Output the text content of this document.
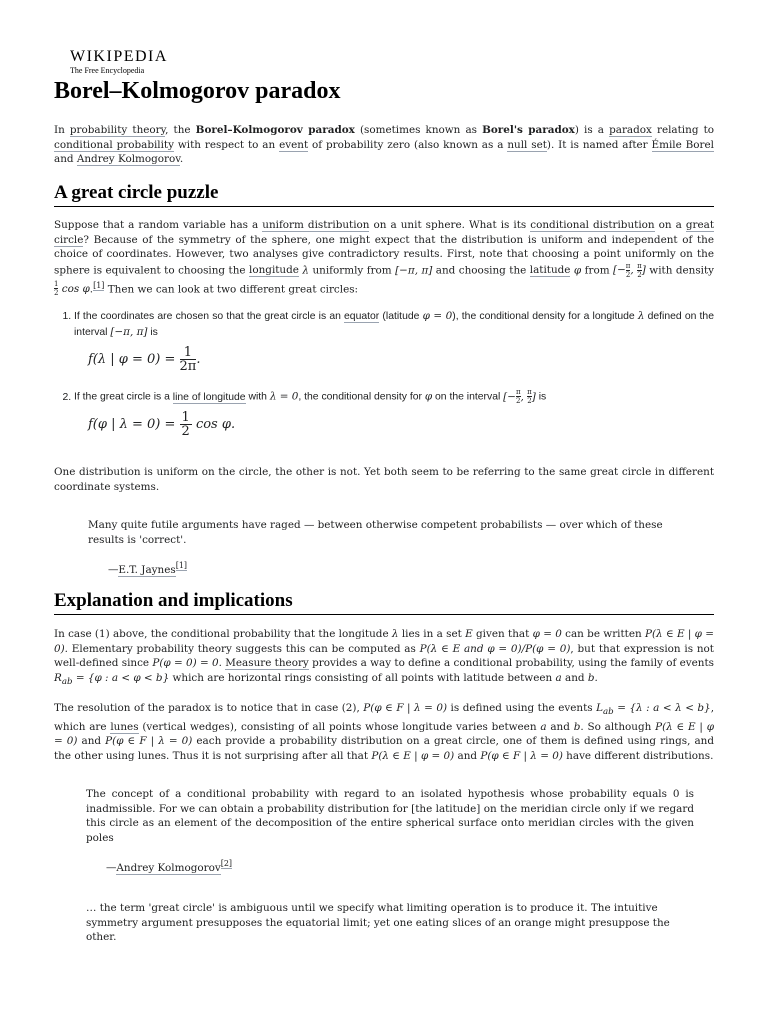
WIKIPEDIA
The Free Encyclopedia
Borel–Kolmogorov paradox

In probability theory, the Borel–Kolmogorov paradox (sometimes known as Borel's paradox) is a paradox relating to conditional probability with respect to an event of probability zero (also known as a null set). It is named after Émile Borel and Andrey Kolmogorov.

A great circle puzzle

Suppose that a random variable has a uniform distribution on a unit sphere. What is its conditional distribution on a great circle? Because of the symmetry of the sphere, one might expect that the distribution is uniform and independent of the choice of coordinates. However, two analyses give contradictory results. First, note that choosing a point uniformly on the sphere is equivalent to choosing the longitude λ uniformly from [−π, π] and choosing the latitude φ from [− $\frac{\pi}{2}$ , $\frac{\pi}{2}$ ] with density
$\frac{1}{2}$ cos φ.[1] Then we can look at two different great circles:

1. If the coordinates are chosen so that the great circle is an equator (latitude φ = 0), the conditional density for a longitude λ defined on the interval [−π, π] is
f(λ | $\varphi = 0) = \frac{1}{2\pi}$ .
2. If the great circle is a line of longitude with λ = 0, the conditional density for φ on the interval [− $\frac{\pi}{2}$ , $\frac{\pi}{2}$ ] is
f(φ | $\lambda = 0) = \frac{1}{2}$ cos φ.

One distribution is uniform on the circle, the other is not. Yet both seem to be referring to the same great circle in different coordinate systems.

Many quite futile arguments have raged — between otherwise competent probabilists — over which of these results is 'correct'.
—E.T. Jaynes[1]
Explanation and implications

In case (1) above, the conditional probability that the longitude λ lies in a set E given that φ = 0 can be written P(λ ∈ E | φ = 0). Elementary probability theory suggests this can be computed as P(λ ∈ E and φ = 0)/P(φ = 0), but that expression is not well-defined since P(φ = 0) = 0. Measure theory provides a way to define a conditional probability, using the family of events $R_{ab} = \{\varphi$ : a < φ < b} which are horizontal rings consisting of all points with latitude between a and b.

The resolution of the paradox is to notice that in case (2), P(φ ∈ F | λ = 0) is defined using the events $L_{ab} = \{\lambda$ : a < λ < b}, which are lunes (vertical wedges), consisting of all points whose longitude varies between a and b. So although P(λ ∈ E | φ = 0) and P(φ ∈ F | λ = 0) each provide a probability distribution on a great circle, one of them is defined using rings, and the other using lunes. Thus it is not surprising after all that P(λ ∈ E | φ = 0) and P(φ ∈ F | λ = 0) have different distributions.

The concept of a conditional probability with regard to an isolated hypothesis whose probability equals 0 is inadmissible. For we can obtain a probability distribution for [the latitude] on the meridian circle only if we regard this circle as an element of the decomposition of the entire spherical surface onto meridian circles with the given poles
—Andrey Kolmogorov[2]
… the term 'great circle' is ambiguous until we specify what limiting operation is to produce it. The intuitive symmetry argument presupposes the equatorial limit; yet one eating slices of an orange might presuppose the other.
